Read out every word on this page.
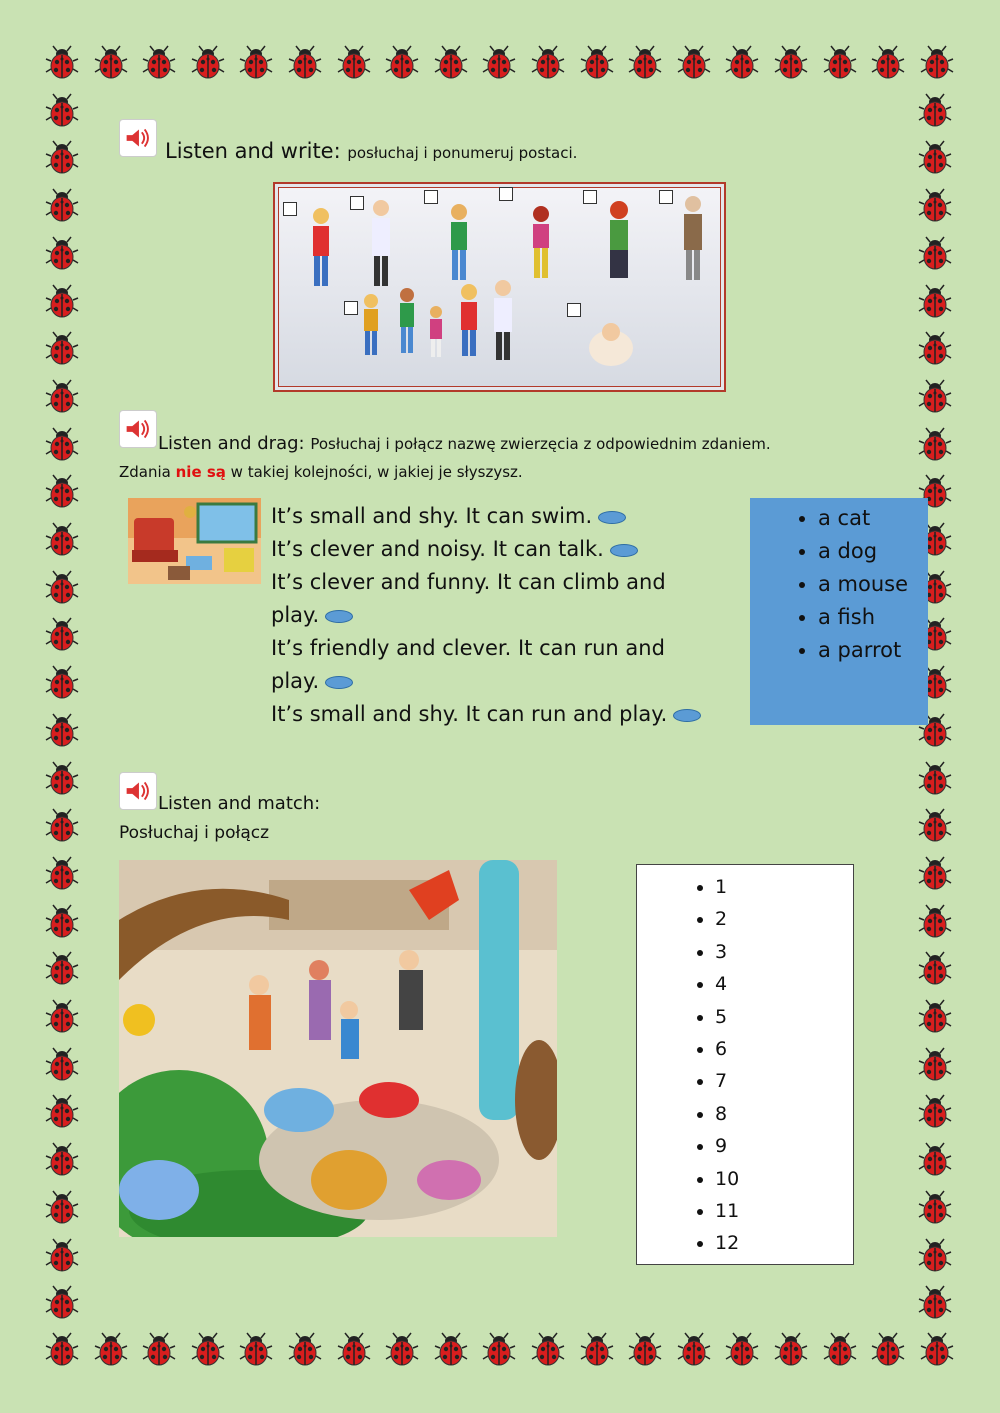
Listen and write: posłuchaj i ponumeruj postaci.
Listen and drag: Posłuchaj i połącz nazwę zwierzęcia z odpowiednim zdaniem.
Zdania nie są w takiej kolejności, w jakiej je słyszysz.
It’s small and shy. It can swim.
It’s clever and noisy. It can talk.
It’s clever and funny. It can climb and play.
It’s friendly and clever. It can run and play.
It’s small and shy. It can run and play.
• a cat
• a dog
• a mouse
• a fish
• a parrot
Listen and match:
Posłuchaj i połącz
• 1
• 2
• 3
• 4
• 5
• 6
• 7
• 8
• 9
• 10
• 11
• 12
